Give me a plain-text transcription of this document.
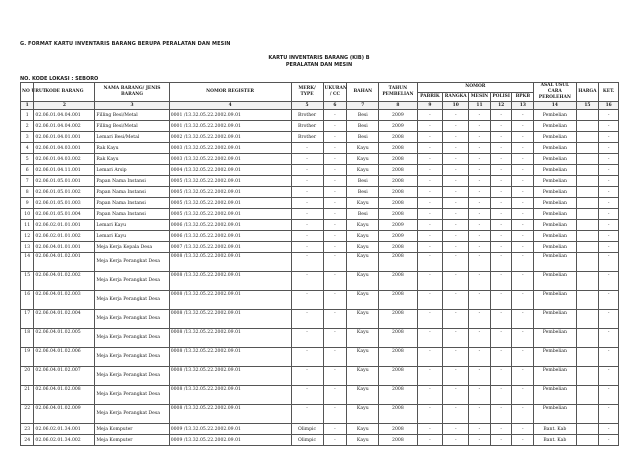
G. FORMAT KARTU INVENTARIS BARANG BERUPA PERALATAN DAN MESIN
KARTU INVENTARIS BARANG (KIB) B
PERALATAN DAN MESIN
NO. KODE LOKASI : SEBORO
NO URUT	KODE BARANG	NAMA BARANG/ JENIS BARANG	NOMOR REGISTER	MERK/ TYPE	UKURAN / CC	BAHAN	TAHUN PEMBELIAN	NOMOR					ASAL USUL CARA PEROLEHAN	HARGA	KET.
								PABRIK	RANGKA	MESIN	POLISI	BPKB			
1	2	3	4	5	6	7	8	9	10	11	12	13	14	15	16
1	02.06.01.04.04.001	Filling Besi/Metal	0001 /13.32.05.22.2002.09.01	Brother	-	Besi	2009	-	-	-	-	-	Pembelian		-
2	02.06.01.04.04.002	Filling Besi/Metal	0001 /13.32.05.22.2002.09.01	Brother	-	Besi	2009	-	-	-	-	-	Pembelian		-
3	02.06.01.04.01.001	Lemari Besi/Metal	0002 /13.32.05.22.2002.09.01	Brother	-	Besi	2008	-	-	-	-	-	Pembelian		-
4	02.06.01.04.03.001	Rak Kayu	0003 /13.32.05.22.2002.09.01	-	-	Kayu	2008	-	-	-	-	-	Pembelian		-
5	02.06.01.04.03.002	Rak Kayu	0003 /13.32.05.22.2002.09.01	-	-	Kayu	2008	-	-	-	-	-	Pembelian		-
6	02.06.01.04.11.001	Lemari Arsip	0004 /13.32.05.22.2002.09.01	-	-	Kayu	2008	-	-	-	-	-	Pembelian		-
7	02.06.01.05.01.001	Papan Nama Instansi	0005 /13.32.05.22.2002.09.01	-	-	Besi	2008	-	-	-	-	-	Pembelian		-
8	02.06.01.05.01.002	Papan Nama Instansi	0005 /13.32.05.22.2002.09.01	-	-	Besi	2008	-	-	-	-	-	Pembelian		-
9	02.06.01.05.01.003	Papan Nama Instansi	0005 /13.32.05.22.2002.09.01	-	-	Kayu	2008	-	-	-	-	-	Pembelian		-
10	02.06.01.05.01.004	Papan Nama Instansi	0005 /13.32.05.22.2002.09.01	-	-	Besi	2008	-	-	-	-	-	Pembelian		-
11	02.06.02.01.01.001	Lemari Kayu	0006 /13.32.05.22.2002.09.01	-	-	Kayu	2009	-	-	-	-	-	Pembelian		-
12	02.06.02.01.01.002	Lemari Kayu	0006 /13.32.05.22.2002.09.01	-	-	Kayu	2009	-	-	-	-	-	Pembelian		-
13	02.06.04.01.01.001	Meja Kerja Kepala Desa	0007 /13.32.05.22.2002.09.01	-	-	Kayu	2008	-	-	-	-	-	Pembelian		-
14	02.06.04.01.02.001	Meja Kerja Perangkat Desa	0008 /13.32.05.22.2002.09.01	-	-	Kayu	2008	-	-	-	-	-	Pembelian		-
15	02.06.04.01.02.002	Meja Kerja Perangkat Desa	0008 /13.32.05.22.2002.09.01	-	-	Kayu	2008	-	-	-	-	-	Pembelian		-
16	02.06.04.01.02.003	Meja Kerja Perangkat Desa	0008 /13.32.05.22.2002.09.01	-	-	Kayu	2008	-	-	-	-	-	Pembelian		-
17	02.06.04.01.02.004	Meja Kerja Perangkat Desa	0008 /13.32.05.22.2002.09.01	-	-	Kayu	2008	-	-	-	-	-	Pembelian		-
18	02.06.04.01.02.005	Meja Kerja Perangkat Desa	0008 /13.32.05.22.2002.09.01	-	-	Kayu	2008	-	-	-	-	-	Pembelian		-
19	02.06.04.01.02.006	Meja Kerja Perangkat Desa	0008 /13.32.05.22.2002.09.01	-	-	Kayu	2008	-	-	-	-	-	Pembelian		-
20	02.06.04.01.02.007	Meja Kerja Perangkat Desa	0008 /13.32.05.22.2002.09.01	-	-	Kayu	2008	-	-	-	-	-	Pembelian		-
21	02.06.04.01.02.008	Meja Kerja Perangkat Desa	0008 /13.32.05.22.2002.09.01	-	-	Kayu	2008	-	-	-	-	-	Pembelian		-
22	02.06.04.01.02.009	Meja Kerja Perangkat Desa	0008 /13.32.05.22.2002.09.01	-	-	Kayu	2008	-	-	-	-	-	Pembelian		-
23	02.06.02.01.34.001	Meja Komputer	0009 /13.32.05.22.2002.09.01	Olimpic	-	Kayu	2008	-	-	-	-	-	Bant. Kab		-
24	02.06.02.01.34.002	Meja Komputer	0009 /13.32.05.22.2002.09.01	Olimpic	-	Kayu	2008	-	-	-	-	-	Bant. Kab		-
